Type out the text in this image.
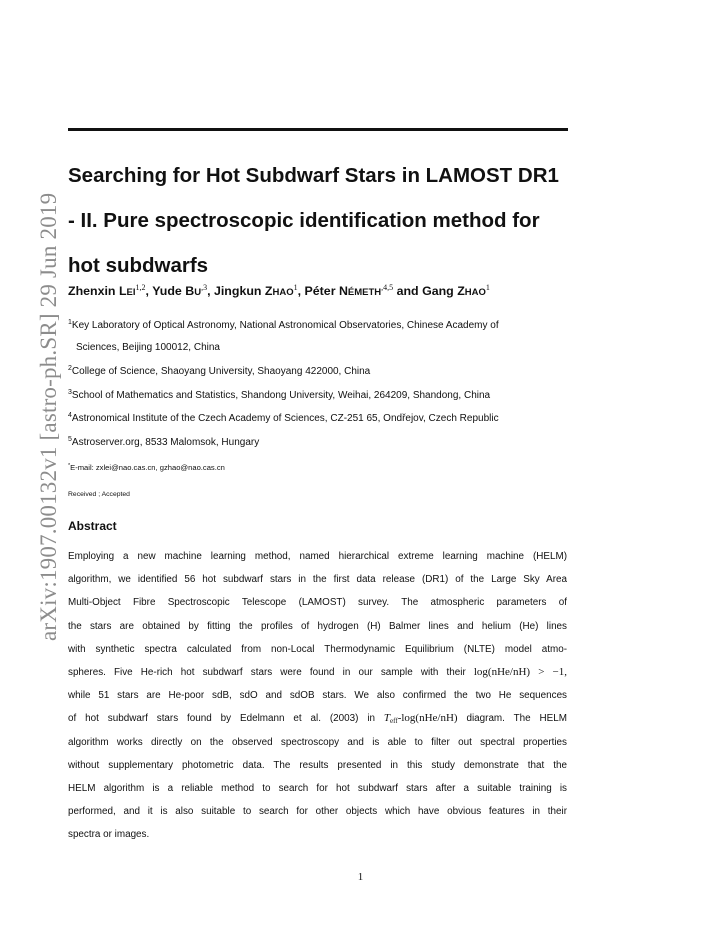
arXiv:1907.00132v1 [astro-ph.SR] 29 Jun 2019
Searching for Hot Subdwarf Stars in LAMOST DR1
- II. Pure spectroscopic identification method for
hot subdwarfs
Zhenxin LEI$^{1,2}$, Yude $BU^{,3}$, Jingkun ZHAO$^1$, Péter $NÉMETH^{,4,5}$ and Gang ZHAO$^1$
$^1$Key Laboratory of Optical Astronomy, National Astronomical Observatories, Chinese Academy of
Sciences, Beijing 100012, China
$^2$College of Science, Shaoyang University, Shaoyang 422000, China
$^3$School of Mathematics and Statistics, Shandong University, Weihai, 264209, Shandong, China
$^4$Astronomical Institute of the Czech Academy of Sciences, CZ-251 65, Ondřejov, Czech Republic
$^5$Astroserver.org, 8533 Malomsok, Hungary
*E-mail: zxlei@nao.cas.cn, gzhao@nao.cas.cn
Received ; Accepted
Abstract
Employing a new machine learning method, named hierarchical extreme learning machine (HELM)
algorithm, we identified 56 hot subdwarf stars in the first data release (DR1) of the Large Sky Area
Multi-Object Fibre Spectroscopic Telescope (LAMOST) survey. The atmospheric parameters of
the stars are obtained by fitting the profiles of hydrogen (H) Balmer lines and helium (He) lines
with synthetic spectra calculated from non-Local Thermodynamic Equilibrium (NLTE) model atmo-
spheres. Five He-rich hot subdwarf stars were found in our sample with their log(nHe/nH) > −1,
while 51 stars are He-poor sdB, sdO and sdOB stars. We also confirmed the two He sequences
of hot subdwarf stars found by Edelmann et al. (2003) in $T_{eff}-\log(nHe/nH)$ diagram. The HELM
algorithm works directly on the observed spectroscopy and is able to filter out spectral properties
without supplementary photometric data. The results presented in this study demonstrate that the
HELM algorithm is a reliable method to search for hot subdwarf stars after a suitable training is
performed, and it is also suitable to search for other objects which have obvious features in their
spectra or images.
1
